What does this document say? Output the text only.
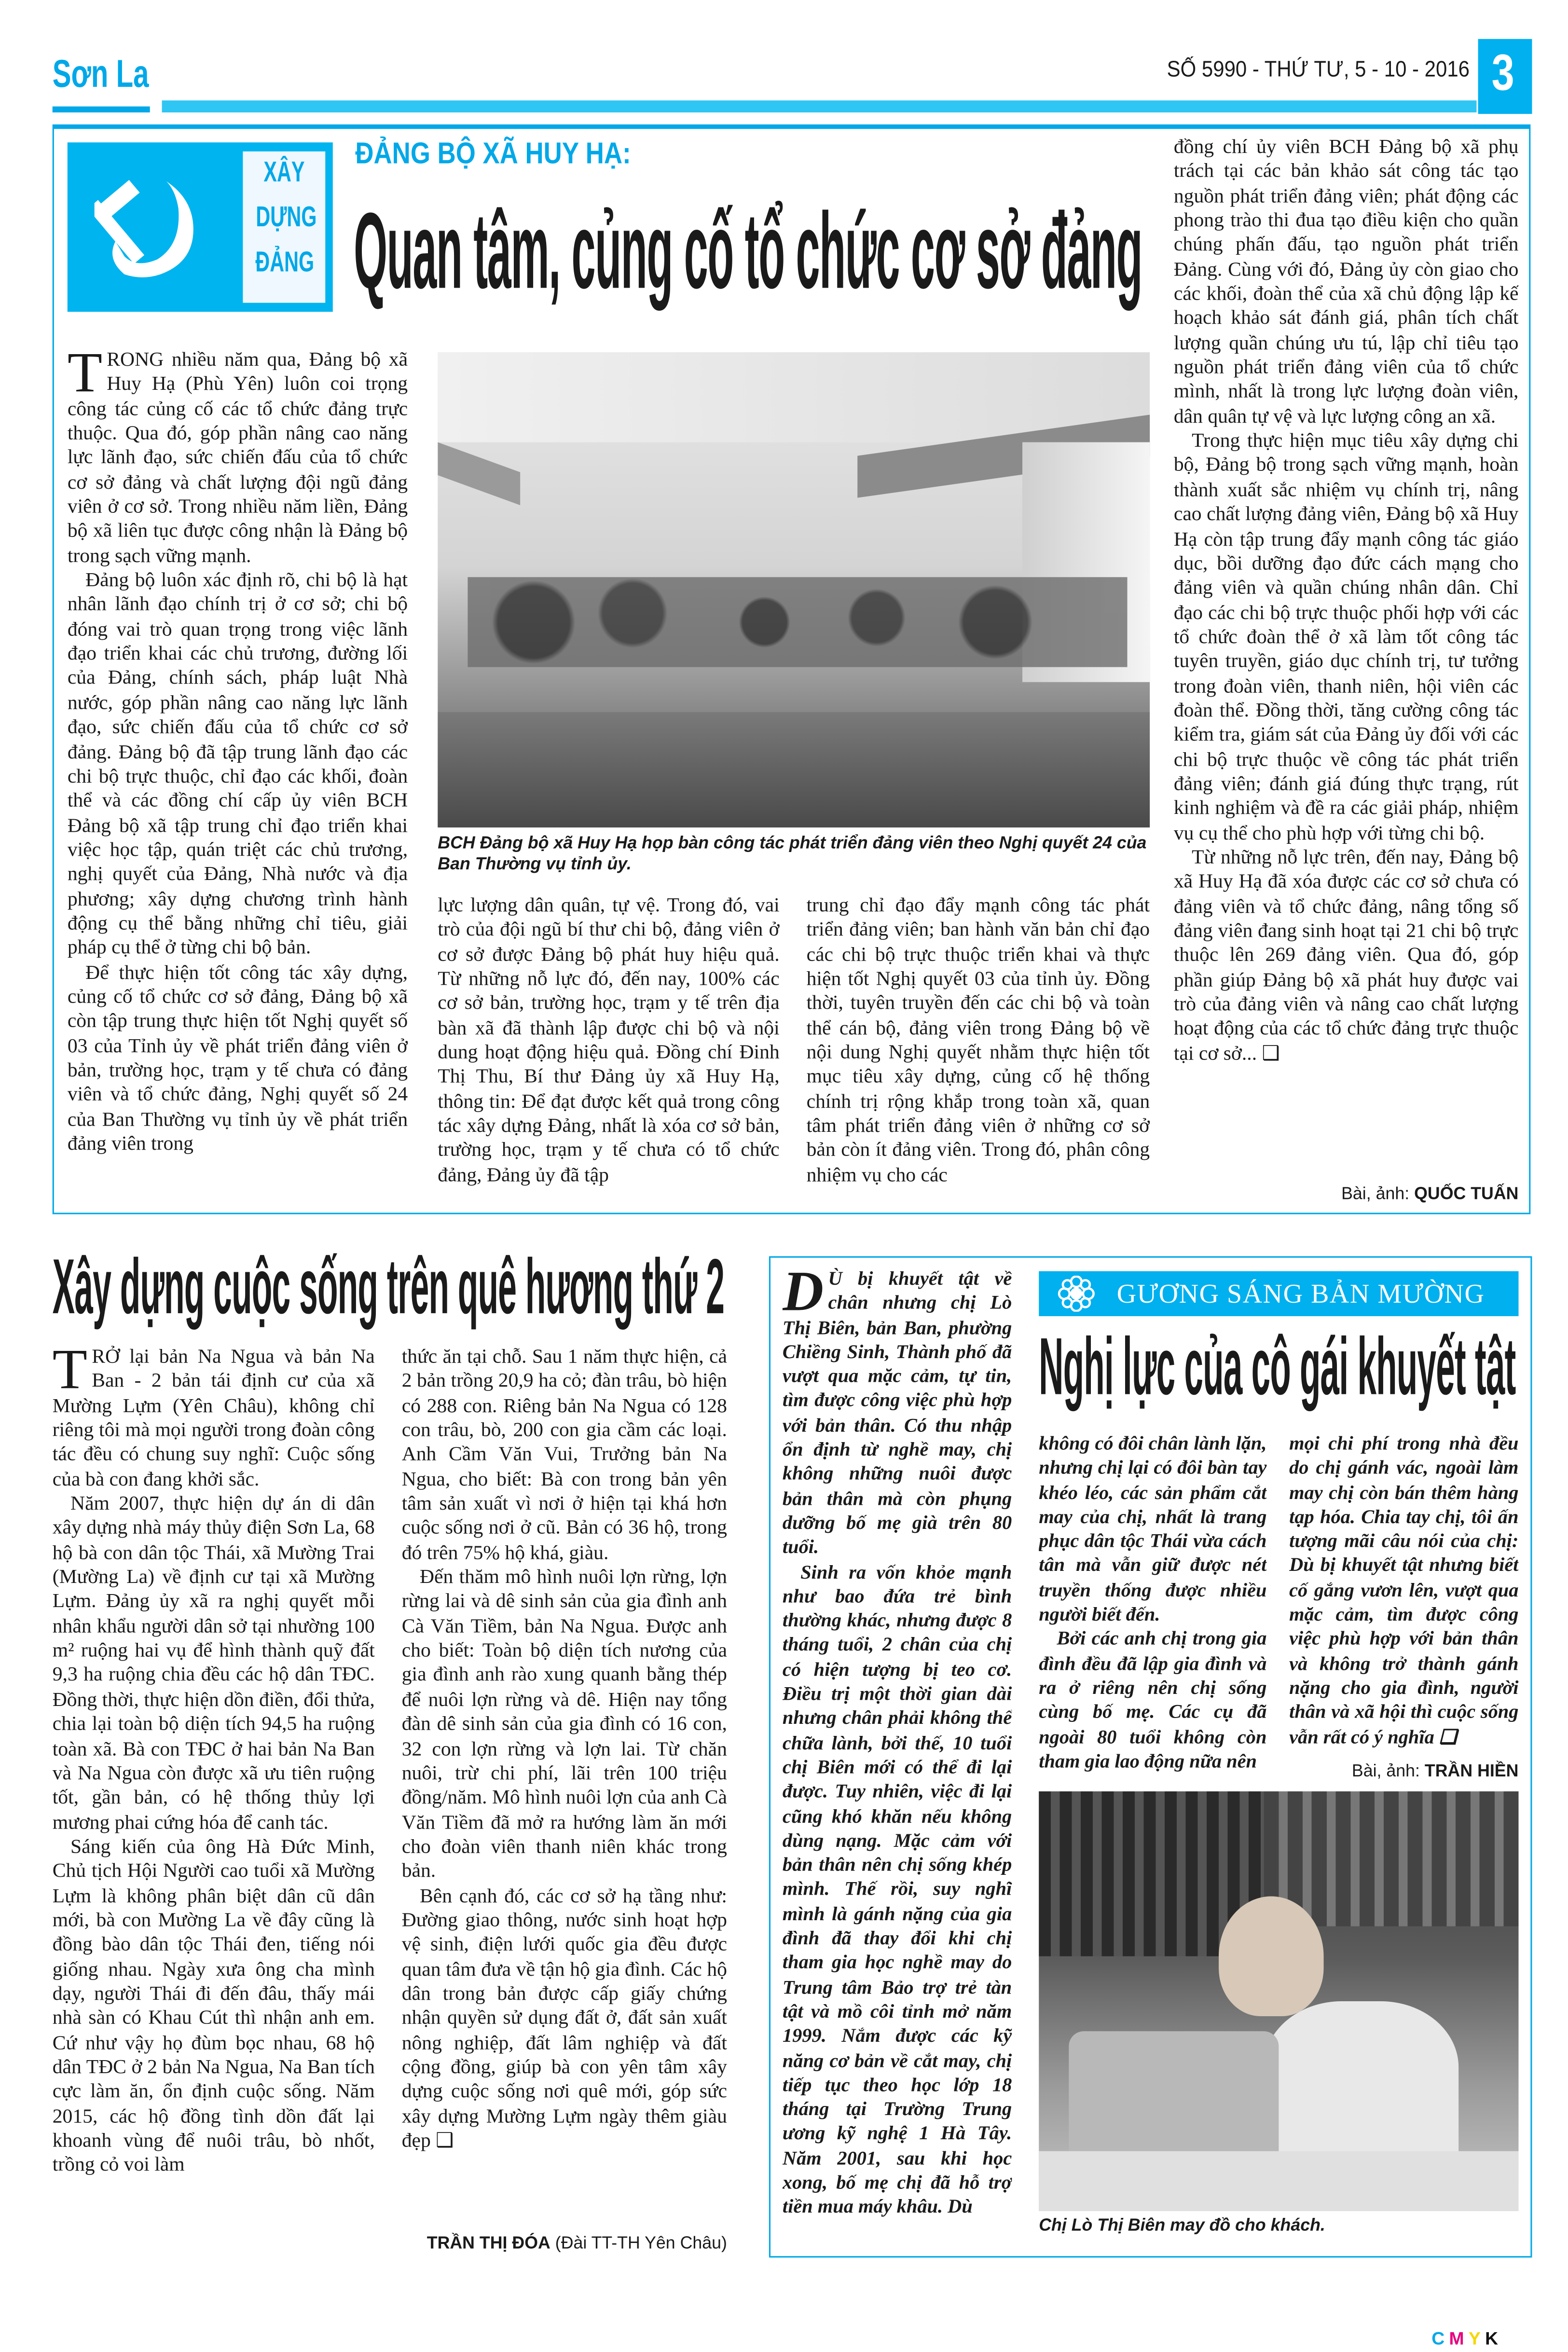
Sơn La	SỐ 5990 - THỨ TƯ, 5 - 10 - 2016	3
XÂY DỰNG ĐẢNG
ĐẢNG BỘ XÃ HUY HẠ:
Quan tâm, củng cố tổ chức cơ sở đảng

TRONG nhiều năm qua, Đảng bộ xã Huy Hạ (Phù Yên) luôn coi trọng công tác củng cố các tổ chức đảng trực thuộc. Qua đó, góp phần nâng cao năng lực lãnh đạo, sức chiến đấu của tổ chức cơ sở đảng và chất lượng đội ngũ đảng viên ở cơ sở. Trong nhiều năm liền, Đảng bộ xã liên tục được công nhận là Đảng bộ trong sạch vững mạnh.

Đảng bộ luôn xác định rõ, chi bộ là hạt nhân lãnh đạo chính trị ở cơ sở; chi bộ đóng vai trò quan trọng trong việc lãnh đạo triển khai các chủ trương, đường lối của Đảng, chính sách, pháp luật Nhà nước, góp phần nâng cao năng lực lãnh đạo, sức chiến đấu của tổ chức cơ sở đảng. Đảng bộ đã tập trung lãnh đạo các chi bộ trực thuộc, chỉ đạo các khối, đoàn thể và các đồng chí cấp ủy viên BCH Đảng bộ xã tập trung chỉ đạo triển khai việc học tập, quán triệt các chủ trương, nghị quyết của Đảng, Nhà nước và địa phương; xây dựng chương trình hành động cụ thể bằng những chỉ tiêu, giải pháp cụ thể ở từng chi bộ bản.

Để thực hiện tốt công tác xây dựng, củng cố tổ chức cơ sở đảng, Đảng bộ xã còn tập trung thực hiện tốt Nghị quyết số 03 của Tỉnh ủy về phát triển đảng viên ở bản, trường học, trạm y tế chưa có đảng viên và tổ chức đảng, Nghị quyết số 24 của Ban Thường vụ tỉnh ủy về phát triển đảng viên trong

BCH Đảng bộ xã Huy Hạ họp bàn công tác phát triển đảng viên theo Nghị quyết 24 của Ban Thường vụ tỉnh ủy.

lực lượng dân quân, tự vệ. Trong đó, vai trò của đội ngũ bí thư chi bộ, đảng viên ở cơ sở được Đảng bộ phát huy hiệu quả. Từ những nỗ lực đó, đến nay, 100% các cơ sở bản, trường học, trạm y tế trên địa bàn xã đã thành lập được chi bộ và nội dung hoạt động hiệu quả. Đồng chí Đinh Thị Thu, Bí thư Đảng ủy xã Huy Hạ, thông tin: Để đạt được kết quả trong công tác xây dựng Đảng, nhất là xóa cơ sở bản, trường học, trạm y tế chưa có tổ chức đảng, Đảng ủy đã tập

trung chỉ đạo đẩy mạnh công tác phát triển đảng viên; ban hành văn bản chỉ đạo các chi bộ trực thuộc triển khai và thực hiện tốt Nghị quyết 03 của tỉnh ủy. Đồng thời, tuyên truyền đến các chi bộ và toàn thể cán bộ, đảng viên trong Đảng bộ về nội dung Nghị quyết nhằm thực hiện tốt mục tiêu xây dựng, củng cố hệ thống chính trị rộng khắp trong toàn xã, quan tâm phát triển đảng viên ở những cơ sở bản còn ít đảng viên. Trong đó, phân công nhiệm vụ cho các

đồng chí ủy viên BCH Đảng bộ xã phụ trách tại các bản khảo sát công tác tạo nguồn phát triển đảng viên; phát động các phong trào thi đua tạo điều kiện cho quần chúng phấn đấu, tạo nguồn phát triển Đảng. Cùng với đó, Đảng ủy còn giao cho các khối, đoàn thể của xã chủ động lập kế hoạch khảo sát đánh giá, phân tích chất lượng quần chúng ưu tú, lập chỉ tiêu tạo nguồn phát triển đảng viên của tổ chức mình, nhất là trong lực lượng đoàn viên, dân quân tự vệ và lực lượng công an xã.

Trong thực hiện mục tiêu xây dựng chi bộ, Đảng bộ trong sạch vững mạnh, hoàn thành xuất sắc nhiệm vụ chính trị, nâng cao chất lượng đảng viên, Đảng bộ xã Huy Hạ còn tập trung đẩy mạnh công tác giáo dục, bồi dưỡng đạo đức cách mạng cho đảng viên và quần chúng nhân dân. Chỉ đạo các chi bộ trực thuộc phối hợp với các tổ chức đoàn thể ở xã làm tốt công tác tuyên truyền, giáo dục chính trị, tư tưởng trong đoàn viên, thanh niên, hội viên các đoàn thể. Đồng thời, tăng cường công tác kiểm tra, giám sát của Đảng ủy đối với các chi bộ trực thuộc về công tác phát triển đảng viên; đánh giá đúng thực trạng, rút kinh nghiệm và đề ra các giải pháp, nhiệm vụ cụ thể cho phù hợp với từng chi bộ.

Từ những nỗ lực trên, đến nay, Đảng bộ xã Huy Hạ đã xóa được các cơ sở chưa có đảng viên và tổ chức đảng, nâng tổng số đảng viên đang sinh hoạt tại 21 chi bộ trực thuộc lên 269 đảng viên. Qua đó, góp phần giúp Đảng bộ xã phát huy được vai trò của đảng viên và nâng cao chất lượng hoạt động của các tổ chức đảng trực thuộc tại cơ sở... ❑

Bài, ảnh: QUỐC TUẤN
Xây dựng cuộc sống trên quê hương thứ 2

TRỞ lại bản Na Ngua và bản Na Ban - 2 bản tái định cư của xã Mường Lựm (Yên Châu), không chỉ riêng tôi mà mọi người trong đoàn công tác đều có chung suy nghĩ: Cuộc sống của bà con đang khởi sắc.

Năm 2007, thực hiện dự án di dân xây dựng nhà máy thủy điện Sơn La, 68 hộ bà con dân tộc Thái, xã Mường Trai (Mường La) về định cư tại xã Mường Lựm. Đảng ủy xã ra nghị quyết mỗi nhân khẩu người dân sở tại nhường 100 m² ruộng hai vụ để hình thành quỹ đất 9,3 ha ruộng chia đều các hộ dân TĐC. Đồng thời, thực hiện dồn điền, đổi thửa, chia lại toàn bộ diện tích 94,5 ha ruộng toàn xã. Bà con TĐC ở hai bản Na Ban và Na Ngua còn được xã ưu tiên ruộng tốt, gần bản, có hệ thống thủy lợi mương phai cứng hóa để canh tác.

Sáng kiến của ông Hà Đức Minh, Chủ tịch Hội Người cao tuổi xã Mường Lựm là không phân biệt dân cũ dân mới, bà con Mường La về đây cũng là đồng bào dân tộc Thái đen, tiếng nói giống nhau. Ngày xưa ông cha mình dạy, người Thái đi đến đâu, thấy mái nhà sàn có Khau Cút thì nhận anh em. Cứ như vậy họ đùm bọc nhau, 68 hộ dân TĐC ở 2 bản Na Ngua, Na Ban tích cực làm ăn, ổn định cuộc sống. Năm 2015, các hộ đồng tình dồn đất lại khoanh vùng để nuôi trâu, bò nhốt, trồng cỏ voi làm

thức ăn tại chỗ. Sau 1 năm thực hiện, cả 2 bản trồng 20,9 ha cỏ; đàn trâu, bò hiện có 288 con. Riêng bản Na Ngua có 128 con trâu, bò, 200 con gia cầm các loại. Anh Cầm Văn Vui, Trưởng bản Na Ngua, cho biết: Bà con trong bản yên tâm sản xuất vì nơi ở hiện tại khá hơn cuộc sống nơi ở cũ. Bản có 36 hộ, trong đó trên 75% hộ khá, giàu.

Đến thăm mô hình nuôi lợn rừng, lợn rừng lai và dê sinh sản của gia đình anh Cà Văn Tiềm, bản Na Ngua. Được anh cho biết: Toàn bộ diện tích nương của gia đình anh rào xung quanh bằng thép để nuôi lợn rừng và dê. Hiện nay tổng đàn dê sinh sản của gia đình có 16 con, 32 con lợn rừng và lợn lai. Từ chăn nuôi, trừ chi phí, lãi trên 100 triệu đồng/năm. Mô hình nuôi lợn của anh Cà Văn Tiềm đã mở ra hướng làm ăn mới cho đoàn viên thanh niên khác trong bản.

Bên cạnh đó, các cơ sở hạ tầng như: Đường giao thông, nước sinh hoạt hợp vệ sinh, điện lưới quốc gia đều được quan tâm đưa về tận hộ gia đình. Các hộ dân trong bản được cấp giấy chứng nhận quyền sử dụng đất ở, đất sản xuất nông nghiệp, đất lâm nghiệp và đất cộng đồng, giúp bà con yên tâm xây dựng cuộc sống nơi quê mới, góp sức xây dựng Mường Lựm ngày thêm giàu đẹp ❑

TRẦN THỊ ĐÓA (Đài TT-TH Yên Châu)

D Ù bị khuyết tật về chân nhưng chị Lò Thị Biên, bản Ban, phường Chiềng Sinh, Thành phố đã vượt qua mặc cảm, tự tin, tìm được công việc phù hợp với bản thân. Có thu nhập ổn định từ nghề may, chị không những nuôi được bản thân mà còn phụng dưỡng bố mẹ già trên 80 tuổi.

Sinh ra vốn khỏe mạnh như bao đứa trẻ bình thường khác, nhưng được 8 tháng tuổi, 2 chân của chị có hiện tượng bị teo cơ. Điều trị một thời gian dài nhưng chân phải không thể chữa lành, bởi thế, 10 tuổi chị Biên mới có thể đi lại được. Tuy nhiên, việc đi lại cũng khó khăn nếu không dùng nạng. Mặc cảm với bản thân nên chị sống khép mình. Thế rồi, suy nghĩ mình là gánh nặng của gia đình đã thay đổi khi chị tham gia học nghề may do Trung tâm Bảo trợ trẻ tàn tật và mồ côi tỉnh mở năm 1999. Nắm được các kỹ năng cơ bản về cắt may, chị tiếp tục theo học lớp 18 tháng tại Trường Trung ương kỹ nghệ 1 Hà Tây. Năm 2001, sau khi học xong, bố mẹ chị đã hỗ trợ tiền mua máy khâu. Dù

GƯƠNG SÁNG BẢN MƯỜNG
Nghị lực của cô gái khuyết tật

không có đôi chân lành lặn, nhưng chị lại có đôi bàn tay khéo léo, các sản phẩm cắt may của chị, nhất là trang phục dân tộc Thái vừa cách tân mà vẫn giữ được nét truyền thống được nhiều người biết đến.

Bởi các anh chị trong gia đình đều đã lập gia đình và ra ở riêng nên chị sống cùng bố mẹ. Các cụ đã ngoài 80 tuổi không còn tham gia lao động nữa nên

mọi chi phí trong nhà đều do chị gánh vác, ngoài làm may chị còn bán thêm hàng tạp hóa. Chia tay chị, tôi ấn tượng mãi câu nói của chị: Dù bị khuyết tật nhưng biết cố gắng vươn lên, vượt qua mặc cảm, tìm được công việc phù hợp với bản thân và không trở thành gánh nặng cho gia đình, người thân và xã hội thì cuộc sống vẫn rất có ý nghĩa ❑

Bài, ảnh: TRẦN HIỀN
Chị Lò Thị Biên may đồ cho khách.
CMYK
